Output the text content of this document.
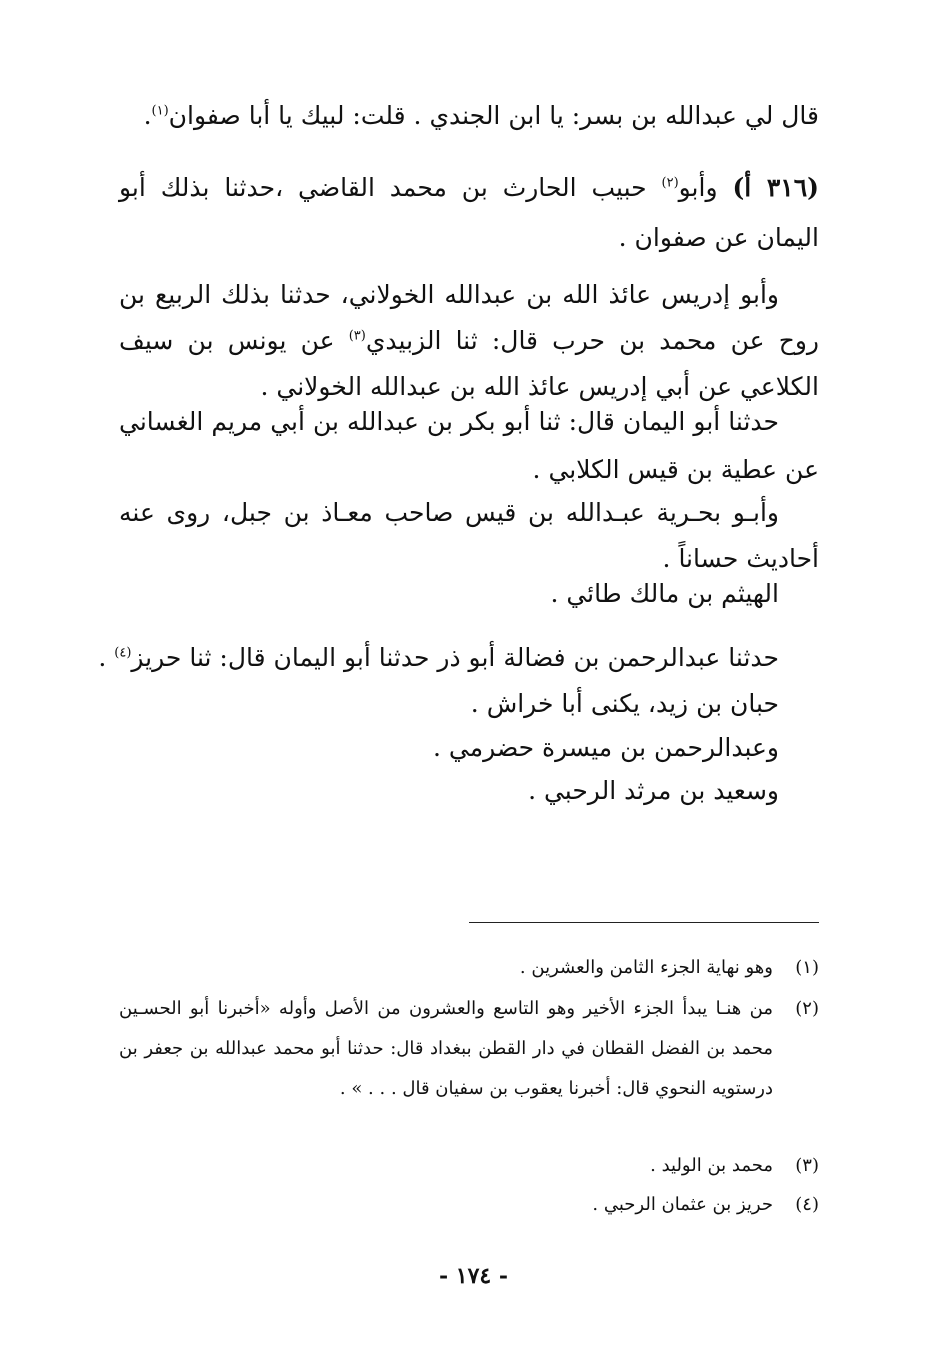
قال لي عبدالله بن بسر: يا ابن الجندي . قلت: لبيك يا أبا صفوان$^{(١)}$.
(٣١٦ أ) وأبو$^{(٢)}$ حبيب الحارث بن محمد القاضي ،حدثنا بذلك أبو اليمان عن صفوان .
وأبو إدريس عائذ الله بن عبدالله الخولاني، حدثنا بذلك الربيع بن روح عن محمد بن حرب قال: ثنا الزبيدي$^{(٣)}$ عن يونس بن سيف الكلاعي عن أبي إدريس عائذ الله بن عبدالله الخولاني .
حدثنا أبو اليمان قال: ثنا أبو بكر بن عبدالله بن أبي مريم الغساني عن عطية بن قيس الكلابي .
وأبـو بحـرية عبـدالله بن قيس صاحب معـاذ بن جبل، روى عنه أحاديث حساناً .
الهيثم بن مالك طائي .
حدثنا عبدالرحمن بن فضالة أبو ذر حدثنا أبو اليمان قال: ثنا حريز$^{(٤)}$ .
حبان بن زيد، يكنى أبا خراش .
وعبدالرحمن بن ميسرة حضرمي .
وسعيد بن مرثد الرحبي .
(١)
وهو نهاية الجزء الثامن والعشرين .
(٢)
من هنـا يبدأ الجزء الأخير وهو التاسع والعشرون من الأصل وأوله «أخبرنا أبو الحسـين محمد بن الفضل القطان في دار القطن ببغداد قال: حدثنا أبو محمد عبدالله بن جعفر بن درستويه النحوي قال: أخبرنا يعقوب بن سفيان قال . . . » .
(٣)
محمد بن الوليد .
(٤)
حريز بن عثمان الرحبي .
- ١٧٤ -
